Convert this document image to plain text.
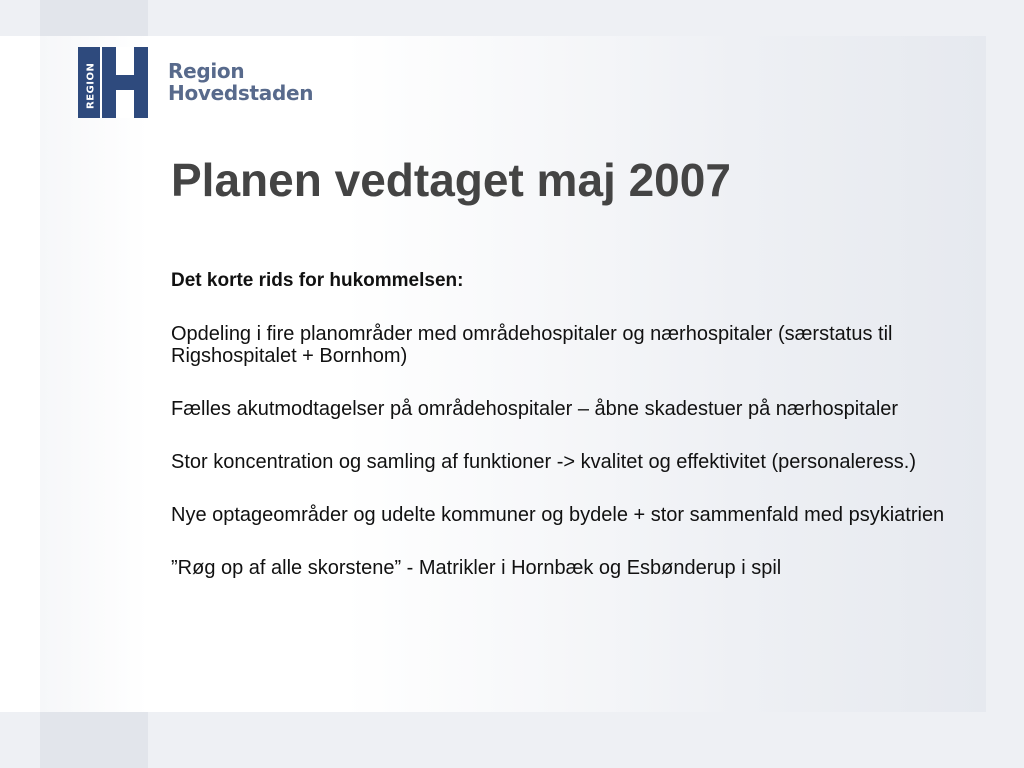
REGION	Region
Hovedstaden
Planen vedtaget maj 2007

Det korte rids for hukommelsen:

Opdeling i fire planområder med områdehospitaler og nærhospitaler (særstatus til Rigshospitalet + Bornhom)

Fælles akutmodtagelser på områdehospitaler – åbne skadestuer på nærhospitaler

Stor koncentration og samling af funktioner -> kvalitet og effektivitet (personaleress.)

Nye optageområder og udelte kommuner og bydele + stor sammenfald med psykiatrien

”Røg op af alle skorstene” - Matrikler i Hornbæk og Esbønderup i spil
